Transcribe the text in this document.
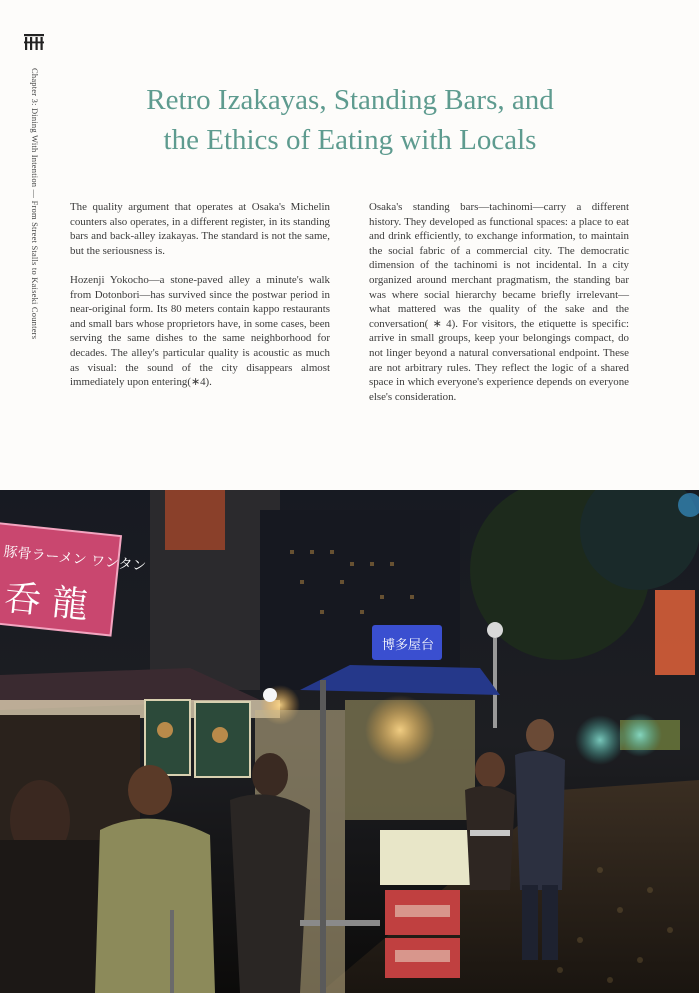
Chapter 3: Dining With Intention — From Street Stalls to Kaiseki Counters	Retro Izakayas, Standing Bars, and
the Ethics of Eating with Locals

The quality argument that operates at Osaka's Michelin counters also operates, in a different register, in its standing bars and back-alley izakayas. The standard is not the same, but the seriousness is.

Hozenji Yokocho—a stone-paved alley a minute's walk from Dotonbori—has survived since the postwar period in near-original form. Its 80 meters contain kappo restaurants and small bars whose proprietors have, in some cases, been serving the same dishes to the same neighborhood for decades. The alley's particular quality is acoustic as much as visual: the sound of the city disappears almost immediately upon entering(∗4).

Osaka's standing bars—tachinomi—carry a different history. They developed as functional spaces: a place to eat and drink efficiently, to exchange information, to maintain the social fabric of a commercial city. The democratic dimension of the tachinomi is not incidental. In a city organized around merchant pragmatism, the standing bar was where social hierarchy became briefly irrelevant—what mattered was the quality of the sake and the conversation( ∗ 4). For visitors, the etiquette is specific: arrive in small groups, keep your belongings compact, do not linger beyond a natural conversational endpoint. These are not arbitrary rules. They reflect the logic of a shared space in which everyone's experience depends on everyone else's consideration.

豚骨ラーメン ワンタン
呑 龍
博多屋台
